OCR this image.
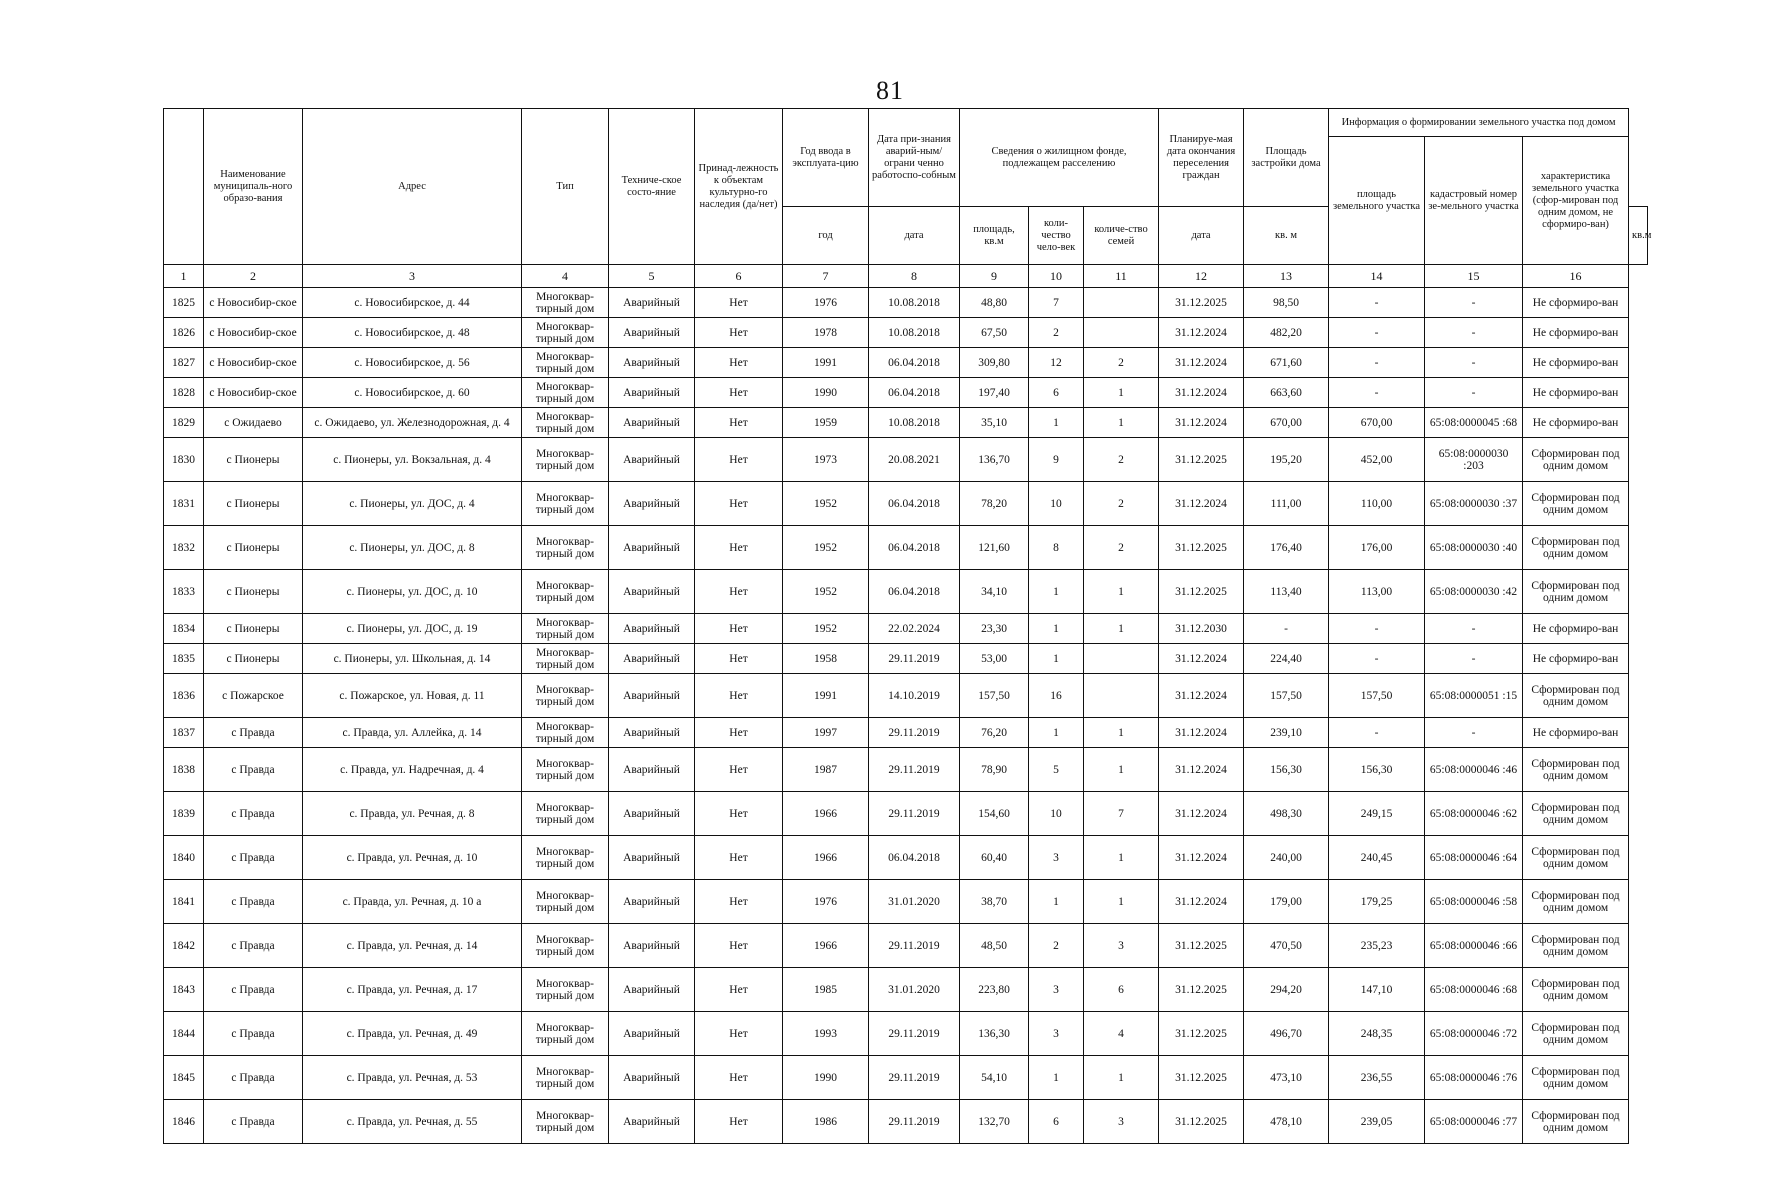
81
	Наименование муниципаль-ного образо-вания	Адрес	Тип	Техниче-ское состо-яние	Принад-лежность к объектам культурно-го наследия (да/нет)	Год ввода в эксплуата-цию	Дата при-знания аварий-ным/ограни ченно работоспо-собным	Сведения о жилищном фонде, подлежащем расселению			Планируе-мая дата окончания переселения граждан	Площадь застройки дома	Информация о формировании земельного участка под домом			
													площадь земельного участка	кадастровый номер зе-мельного участка	характеристика земельного участка (сфор-мирован под одним домом, не сформиро-ван)	
						год	дата	площадь, кв.м	коли-чество чело-век	количе-ство семей	дата	кв. м				кв.м
1	2	3	4	5	6	7	8	9	10	11	12	13	14	15	16	
1825	с Новосибир-ское	с. Новосибирское, д. 44	Многоквар-тирный дом	Аварийный	Нет	1976	10.08.2018	48,80	7		31.12.2025	98,50	-	-	Не сформиро-ван	
1826	с Новосибир-ское	с. Новосибирское, д. 48	Многоквар-тирный дом	Аварийный	Нет	1978	10.08.2018	67,50	2		31.12.2024	482,20	-	-	Не сформиро-ван	
1827	с Новосибир-ское	с. Новосибирское, д. 56	Многоквар-тирный дом	Аварийный	Нет	1991	06.04.2018	309,80	12	2	31.12.2024	671,60	-	-	Не сформиро-ван	
1828	с Новосибир-ское	с. Новосибирское, д. 60	Многоквар-тирный дом	Аварийный	Нет	1990	06.04.2018	197,40	6	1	31.12.2024	663,60	-	-	Не сформиро-ван	
1829	с Ожидаево	с. Ожидаево, ул. Железнодорожная, д. 4	Многоквар-тирный дом	Аварийный	Нет	1959	10.08.2018	35,10	1	1	31.12.2024	670,00	670,00	65:08:0000045 :68	Не сформиро-ван	
1830	с Пионеры	с. Пионеры, ул. Вокзальная, д. 4	Многоквар-тирный дом	Аварийный	Нет	1973	20.08.2021	136,70	9	2	31.12.2025	195,20	452,00	65:08:0000030 :203	Сформирован под одним домом	
1831	с Пионеры	с. Пионеры, ул. ДОС, д. 4	Многоквар-тирный дом	Аварийный	Нет	1952	06.04.2018	78,20	10	2	31.12.2024	111,00	110,00	65:08:0000030 :37	Сформирован под одним домом	
1832	с Пионеры	с. Пионеры, ул. ДОС, д. 8	Многоквар-тирный дом	Аварийный	Нет	1952	06.04.2018	121,60	8	2	31.12.2025	176,40	176,00	65:08:0000030 :40	Сформирован под одним домом	
1833	с Пионеры	с. Пионеры, ул. ДОС, д. 10	Многоквар-тирный дом	Аварийный	Нет	1952	06.04.2018	34,10	1	1	31.12.2025	113,40	113,00	65:08:0000030 :42	Сформирован под одним домом	
1834	с Пионеры	с. Пионеры, ул. ДОС, д. 19	Многоквар-тирный дом	Аварийный	Нет	1952	22.02.2024	23,30	1	1	31.12.2030	-	-	-	Не сформиро-ван	
1835	с Пионеры	с. Пионеры, ул. Школьная, д. 14	Многоквар-тирный дом	Аварийный	Нет	1958	29.11.2019	53,00	1		31.12.2024	224,40	-	-	Не сформиро-ван	
1836	с Пожарское	с. Пожарское, ул. Новая, д. 11	Многоквар-тирный дом	Аварийный	Нет	1991	14.10.2019	157,50	16		31.12.2024	157,50	157,50	65:08:0000051 :15	Сформирован под одним домом	
1837	с Правда	с. Правда, ул. Аллейка, д. 14	Многоквар-тирный дом	Аварийный	Нет	1997	29.11.2019	76,20	1	1	31.12.2024	239,10	-	-	Не сформиро-ван	
1838	с Правда	с. Правда, ул. Надречная, д. 4	Многоквар-тирный дом	Аварийный	Нет	1987	29.11.2019	78,90	5	1	31.12.2024	156,30	156,30	65:08:0000046 :46	Сформирован под одним домом	
1839	с Правда	с. Правда, ул. Речная, д. 8	Многоквар-тирный дом	Аварийный	Нет	1966	29.11.2019	154,60	10	7	31.12.2024	498,30	249,15	65:08:0000046 :62	Сформирован под одним домом	
1840	с Правда	с. Правда, ул. Речная, д. 10	Многоквар-тирный дом	Аварийный	Нет	1966	06.04.2018	60,40	3	1	31.12.2024	240,00	240,45	65:08:0000046 :64	Сформирован под одним домом	
1841	с Правда	с. Правда, ул. Речная, д. 10 а	Многоквар-тирный дом	Аварийный	Нет	1976	31.01.2020	38,70	1	1	31.12.2024	179,00	179,25	65:08:0000046 :58	Сформирован под одним домом	
1842	с Правда	с. Правда, ул. Речная, д. 14	Многоквар-тирный дом	Аварийный	Нет	1966	29.11.2019	48,50	2	3	31.12.2025	470,50	235,23	65:08:0000046 :66	Сформирован под одним домом	
1843	с Правда	с. Правда, ул. Речная, д. 17	Многоквар-тирный дом	Аварийный	Нет	1985	31.01.2020	223,80	3	6	31.12.2025	294,20	147,10	65:08:0000046 :68	Сформирован под одним домом	
1844	с Правда	с. Правда, ул. Речная, д. 49	Многоквар-тирный дом	Аварийный	Нет	1993	29.11.2019	136,30	3	4	31.12.2025	496,70	248,35	65:08:0000046 :72	Сформирован под одним домом	
1845	с Правда	с. Правда, ул. Речная, д. 53	Многоквар-тирный дом	Аварийный	Нет	1990	29.11.2019	54,10	1	1	31.12.2025	473,10	236,55	65:08:0000046 :76	Сформирован под одним домом	
1846	с Правда	с. Правда, ул. Речная, д. 55	Многоквар-тирный дом	Аварийный	Нет	1986	29.11.2019	132,70	6	3	31.12.2025	478,10	239,05	65:08:0000046 :77	Сформирован под одним домом	
